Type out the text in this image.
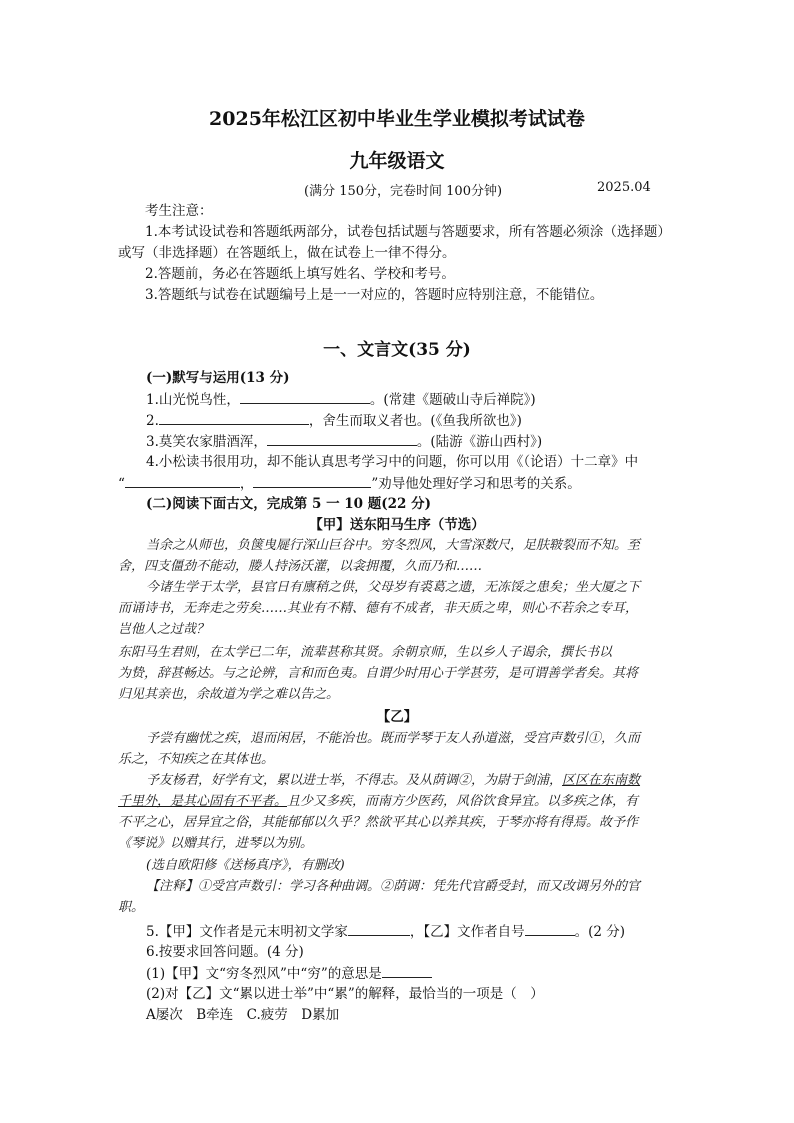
2025年松江区初中毕业生学业模拟考试试卷
九年级语文
(满分 150分，完卷时间 100分钟)	2025.04
考生注意：
1.本考试设试卷和答题纸两部分，试卷包括试题与答题要求，所有答题必须涂（选择题）
或写（非选择题）在答题纸上，做在试卷上一律不得分。
2.答题前，务必在答题纸上填写姓名、学校和考号。
3.答题纸与试卷在试题编号上是一一对应的，答题时应特别注意，不能错位。
一、文言文(35 分)
(一)默写与运用(13 分)
1.山光悦鸟性，	。(常建《题破山寺后禅院》)
2.	，舍生而取义者也。(《鱼我所欲也》)
3.莫笑农家腊酒浑，	。(陆游《游山西村》)
4.小松读书很用功，却不能认真思考学习中的问题，你可以用《（论语）十二章》中
“	，	”劝导他处理好学习和思考的关系。
(二)阅读下面古文，完成第 5 一 10 题(22 分)
【甲】送东阳马生序（节选）
当余之从师也，负箧曳屣行深山巨谷中。穷冬烈风，大雪深数尺，足肤皲裂而不知。至
舍，四支僵劲不能动，媵人持汤沃灌，以衾拥覆，久而乃和……
今诸生学于太学，县官日有廪稍之供，父母岁有裘葛之遗，无冻馁之患矣；坐大厦之下
而诵诗书，无奔走之劳矣……其业有不精、德有不成者，非天质之卑，则心不若余之专耳，
岂他人之过哉？
东阳马生君则，在太学已二年，流辈甚称其贤。余朝京师，生以乡人子谒余，撰长书以
为贽，辞甚畅达。与之论辨，言和而色夷。自谓少时用心于学甚劳，是可谓善学者矣。其将
归见其亲也，余故道为学之难以告之。
【乙】
予尝有幽忧之疾，退而闲居，不能治也。既而学琴于友人孙道滋，受宫声数引①，久而
乐之，不知疾之在其体也。
予友杨君，好学有文，累以进士举，不得志。及从荫调②，为尉于剑浦，区区在东南数
千里外，是其心固有不平者。且少又多疾，而南方少医药，风俗饮食异宜。以多疾之体，有
不平之心，居异宜之俗，其能郁郁以久乎？然欲平其心以养其疾，于琴亦将有得焉。故予作
《琴说》以赠其行，进琴以为别。
(选自欧阳修《送杨真序》，有删改)
【注释】①受宫声数引：学习各种曲调。②荫调：凭先代官爵受封，而又改调另外的官
职。
5.【甲】文作者是元末明初文学家	，【乙】文作者自号	。(2 分)
6.按要求回答问题。(4 分)
(1)【甲】文“穷冬烈风”中“穷”的意思是
(2)对【乙】文“累以进士举”中“累”的解释，最恰当的一项是（　）
A屡次　B牵连　C.疲劳　D累加
